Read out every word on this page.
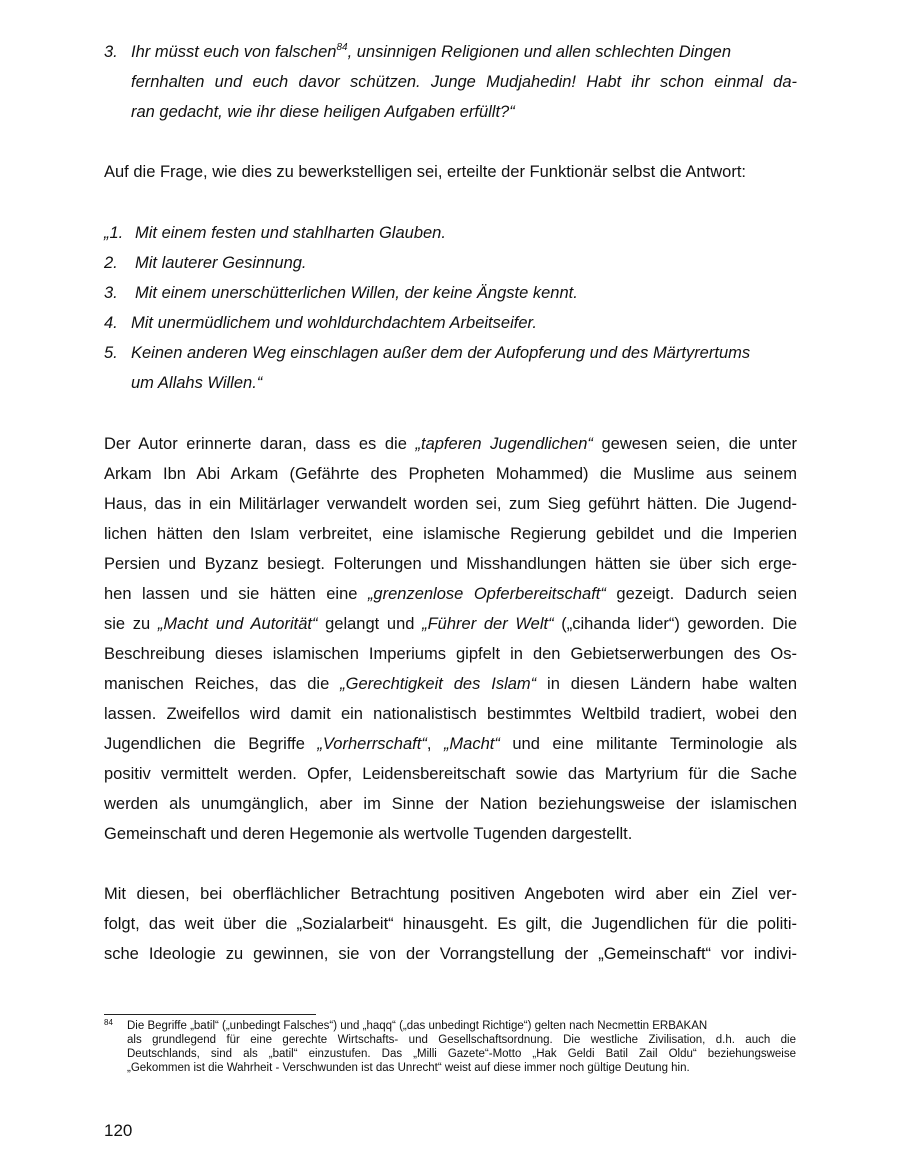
3. Ihr müsst euch von falschen$^{84}$, unsinnigen Religionen und allen schlechten Dingen
fernhalten und euch davor schützen. Junge Mudjahedin! Habt ihr schon einmal da-
ran gedacht, wie ihr diese heiligen Aufgaben erfüllt?“
Auf die Frage, wie dies zu bewerkstelligen sei, erteilte der Funktionär selbst die Antwort:
„1. Mit einem festen und stahlharten Glauben.
2. Mit lauterer Gesinnung.
3. Mit einem unerschütterlichen Willen, der keine Ängste kennt.
4. Mit unermüdlichem und wohldurchdachtem Arbeitseifer.
5. Keinen anderen Weg einschlagen außer dem der Aufopferung und des Märtyrertums
um Allahs Willen.“
Der Autor erinnerte daran, dass es die „tapferen Jugendlichen“ gewesen seien, die unter
Arkam Ibn Abi Arkam (Gefährte des Propheten Mohammed) die Muslime aus seinem
Haus, das in ein Militärlager verwandelt worden sei, zum Sieg geführt hätten. Die Jugend-
lichen hätten den Islam verbreitet, eine islamische Regierung gebildet und die Imperien
Persien und Byzanz besiegt. Folterungen und Misshandlungen hätten sie über sich erge-
hen lassen und sie hätten eine „grenzenlose Opferbereitschaft“ gezeigt. Dadurch seien
sie zu „Macht und Autorität“ gelangt und „Führer der Welt“ („cihanda lider“) geworden. Die
Beschreibung dieses islamischen Imperiums gipfelt in den Gebietserwerbungen des Os-
manischen Reiches, das die „Gerechtigkeit des Islam“ in diesen Ländern habe walten
lassen. Zweifellos wird damit ein nationalistisch bestimmtes Weltbild tradiert, wobei den
Jugendlichen die Begriffe „Vorherrschaft“, „Macht“ und eine militante Terminologie als
positiv vermittelt werden. Opfer, Leidensbereitschaft sowie das Martyrium für die Sache
werden als unumgänglich, aber im Sinne der Nation beziehungsweise der islamischen
Gemeinschaft und deren Hegemonie als wertvolle Tugenden dargestellt.
Mit diesen, bei oberflächlicher Betrachtung positiven Angeboten wird aber ein Ziel ver-
folgt, das weit über die „Sozialarbeit“ hinausgeht. Es gilt, die Jugendlichen für die politi-
sche Ideologie zu gewinnen, sie von der Vorrangstellung der „Gemeinschaft“ vor indivi-
84 Die Begriffe „batil“ („unbedingt Falsches“) und „haqq“ („das unbedingt Richtige“) gelten nach Necmettin ERBAKAN
als grundlegend für eine gerechte Wirtschafts- und Gesellschaftsordnung. Die westliche Zivilisation, d.h. auch die
Deutschlands, sind als „batil“ einzustufen. Das „Milli Gazete“-Motto „Hak Geldi Batil Zail Oldu“ beziehungsweise
„Gekommen ist die Wahrheit - Verschwunden ist das Unrecht“ weist auf diese immer noch gültige Deutung hin.
120
